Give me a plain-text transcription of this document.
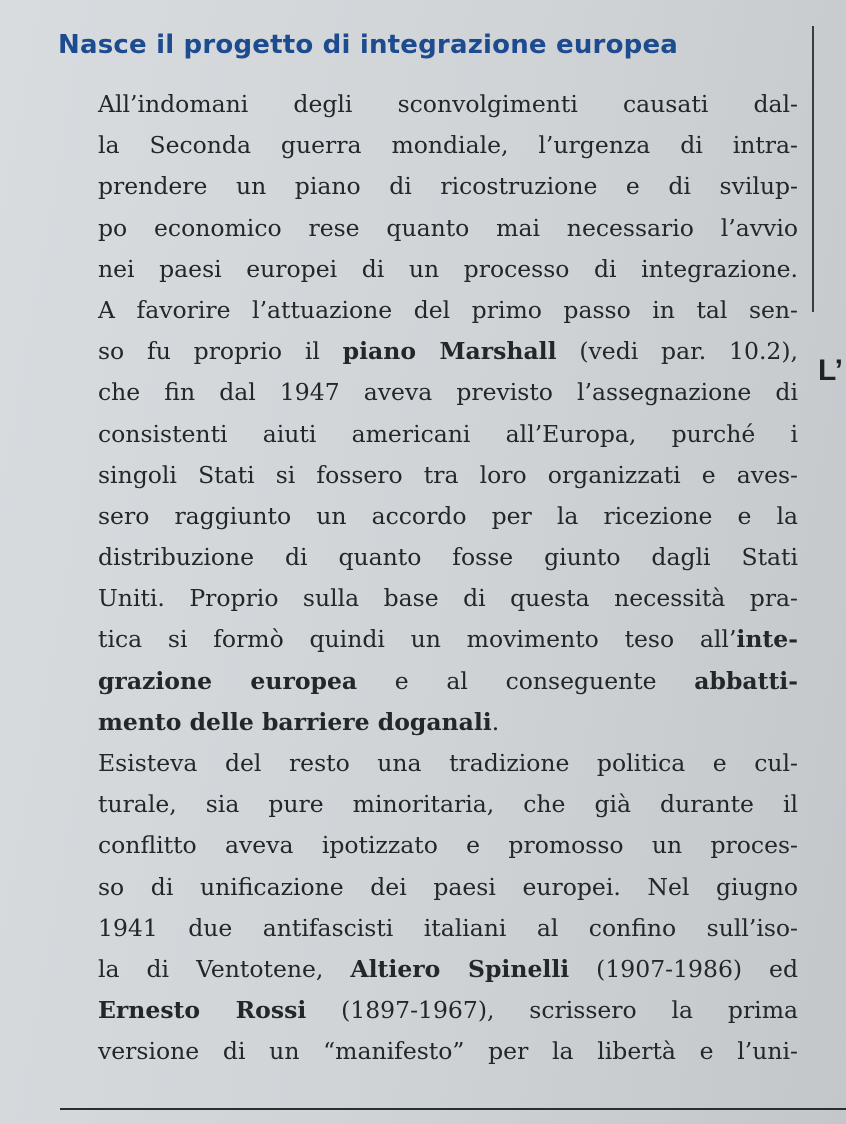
Nasce il progetto di integrazione europea
All’indomani degli sconvolgimenti causati dal-
la Seconda guerra mondiale, l’urgenza di intra-
prendere un piano di ricostruzione e di svilup-
po economico rese quanto mai necessario l’avvio
nei paesi europei di un processo di integrazione.
A favorire l’attuazione del primo passo in tal sen-
so fu proprio il piano Marshall (vedi par. 10.2),
che fin dal 1947 aveva previsto l’assegnazione di
consistenti aiuti americani all’Europa, purché i
singoli Stati si fossero tra loro organizzati e aves-
sero raggiunto un accordo per la ricezione e la
distribuzione di quanto fosse giunto dagli Stati
Uniti. Proprio sulla base di questa necessità pra-
tica si formò quindi un movimento teso all’inte-
grazione europea e al conseguente abbatti-
mento delle barriere doganali.
Esisteva del resto una tradizione politica e cul-
turale, sia pure minoritaria, che già durante il
conflitto aveva ipotizzato e promosso un proces-
so di unificazione dei paesi europei. Nel giugno
1941 due antifascisti italiani al confino sull’iso-
la di Ventotene, Altiero Spinelli (1907-1986) ed
Ernesto Rossi (1897-1967), scrissero la prima
versione di un “manifesto” per la libertà e l’uni-
L’
